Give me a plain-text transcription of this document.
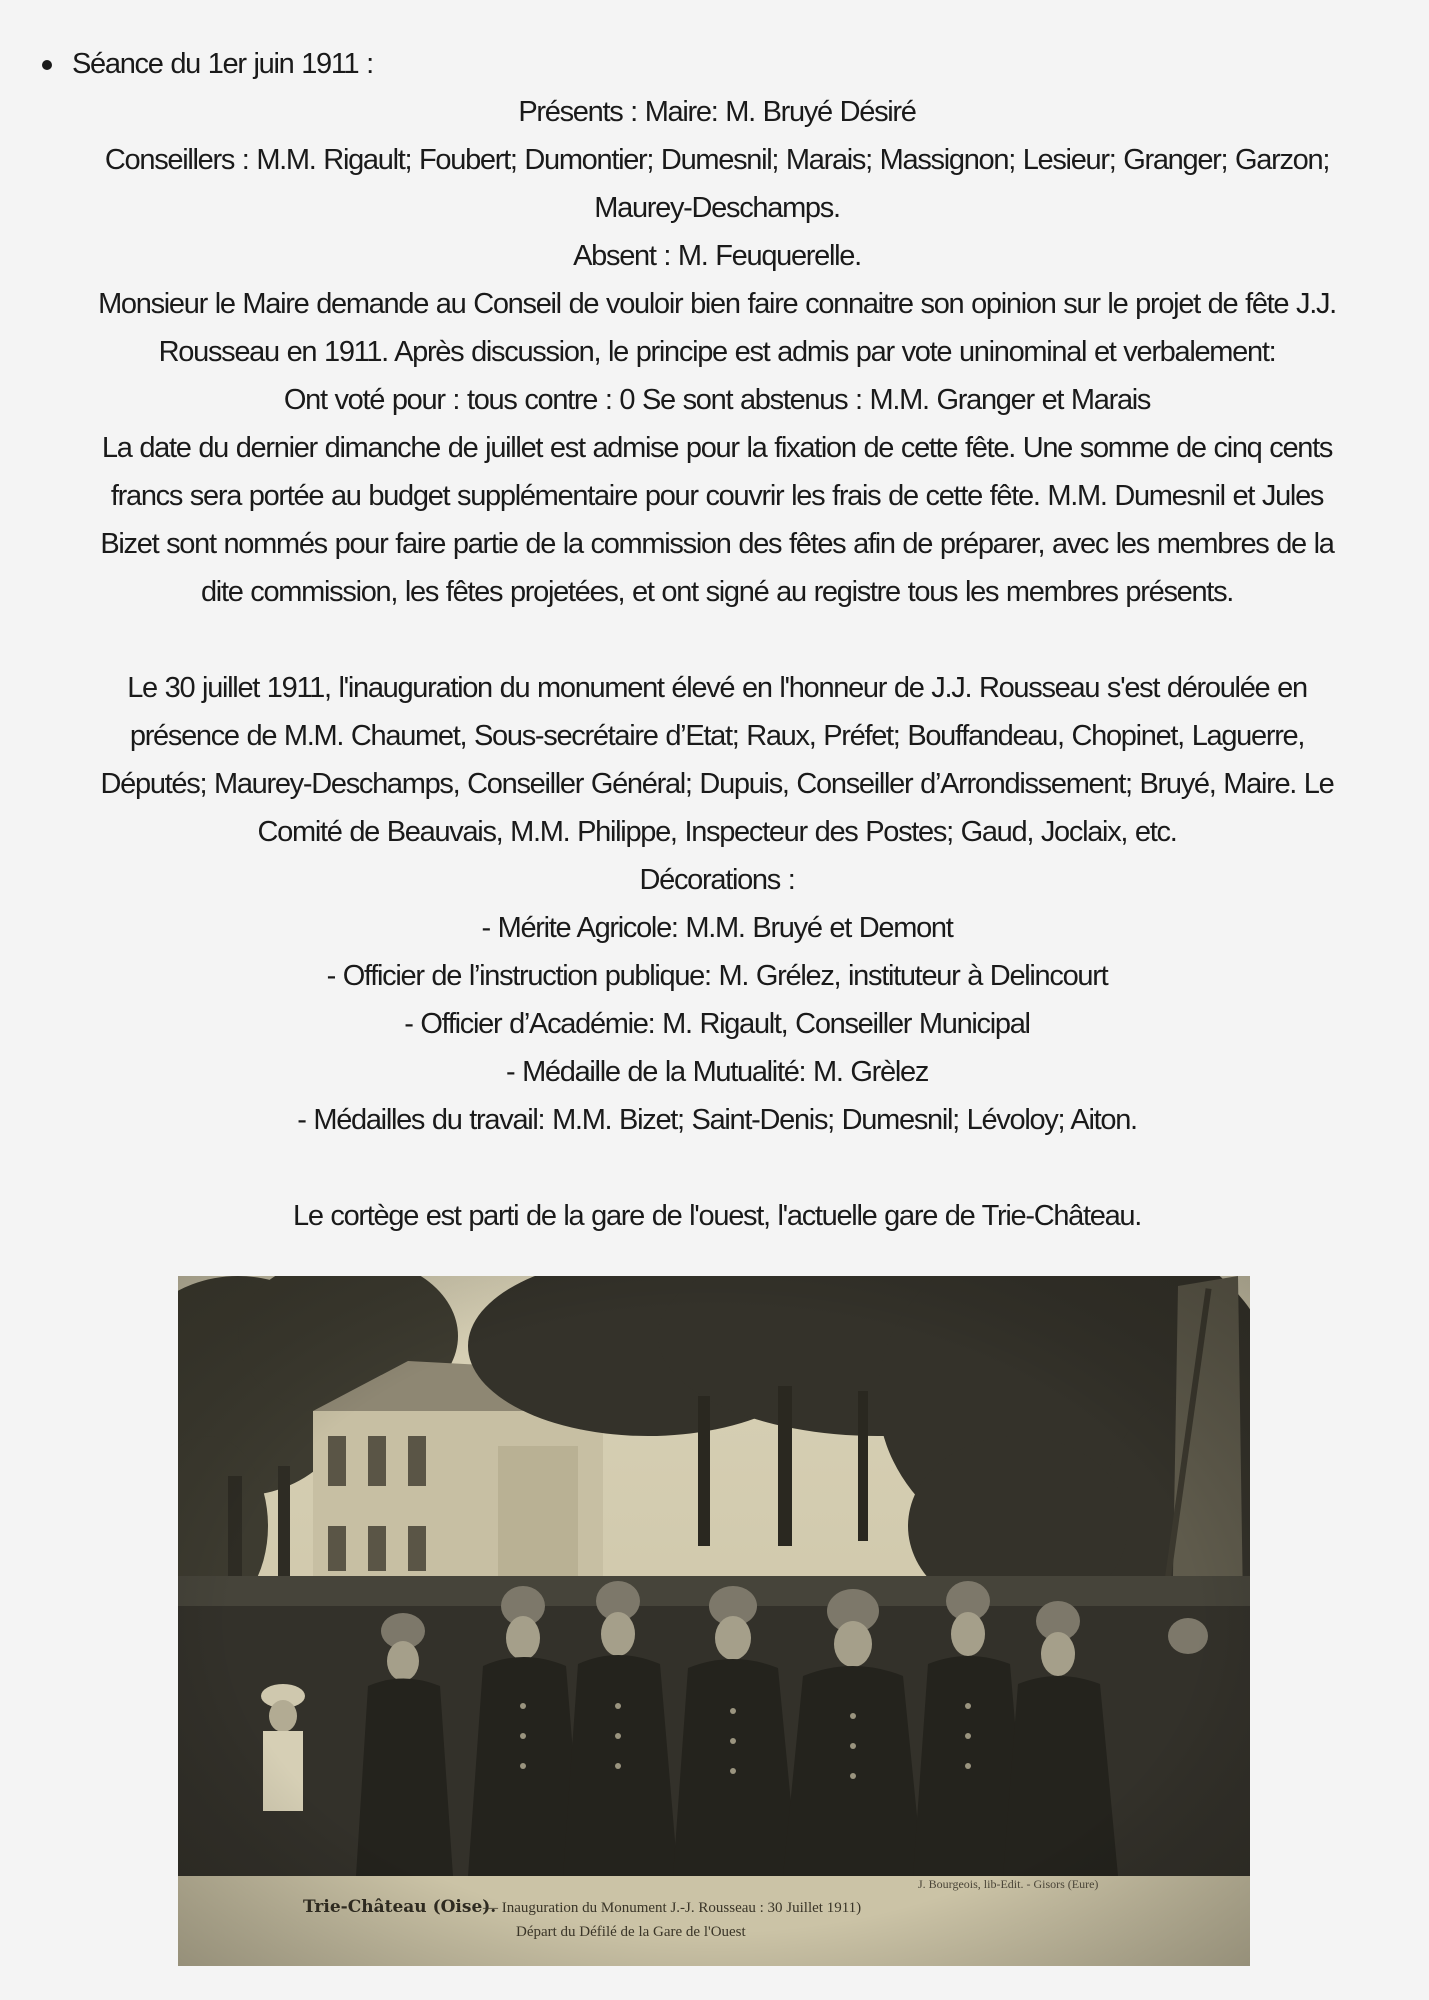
Séance du 1er juin 1911 :

Présents : Maire: M. Bruyé Désiré

Conseillers : M.M. Rigault; Foubert; Dumontier; Dumesnil; Marais; Massignon; Lesieur; Granger; Garzon;

Maurey-Deschamps.

Absent : M. Feuquerelle.

Monsieur le Maire demande au Conseil de vouloir bien faire connaitre son opinion sur le projet de fête J.J.

Rousseau en 1911. Après discussion, le principe est admis par vote uninominal et verbalement:

Ont voté pour : tous contre : 0 Se sont abstenus : M.M. Granger et Marais

La date du dernier dimanche de juillet est admise pour la fixation de cette fête. Une somme de cinq cents

francs sera portée au budget supplémentaire pour couvrir les frais de cette fête. M.M. Dumesnil et Jules

Bizet sont nommés pour faire partie de la commission des fêtes afin de préparer, avec les membres de la

dite commission, les fêtes projetées, et ont signé au registre tous les membres présents.

Le 30 juillet 1911, l'inauguration du monument élevé en l'honneur de J.J. Rousseau s'est déroulée en

présence de M.M. Chaumet, Sous-secrétaire d’Etat; Raux, Préfet; Bouffandeau, Chopinet, Laguerre,

Députés; Maurey-Deschamps, Conseiller Général; Dupuis, Conseiller d’Arrondissement; Bruyé, Maire. Le

Comité de Beauvais, M.M. Philippe, Inspecteur des Postes; Gaud, Joclaix, etc.

Décorations :

- Mérite Agricole: M.M. Bruyé et Demont

- Officier de l’instruction publique: M. Grélez, instituteur à Delincourt

- Officier d’Académie: M. Rigault, Conseiller Municipal

- Médaille de la Mutualité: M. Grèlez

- Médailles du travail: M.M. Bizet; Saint-Denis; Dumesnil; Lévoloy; Aiton.

Le cortège est parti de la gare de l'ouest, l'actuelle gare de Trie-Château.

J. Bourgeois, lib-Edit. - Gisors (Eure)
Trie-Château (Oise).
— Inauguration du Monument J.-J. Rousseau : 30 Juillet 1911)
Départ du Défilé de la Gare de l'Ouest
